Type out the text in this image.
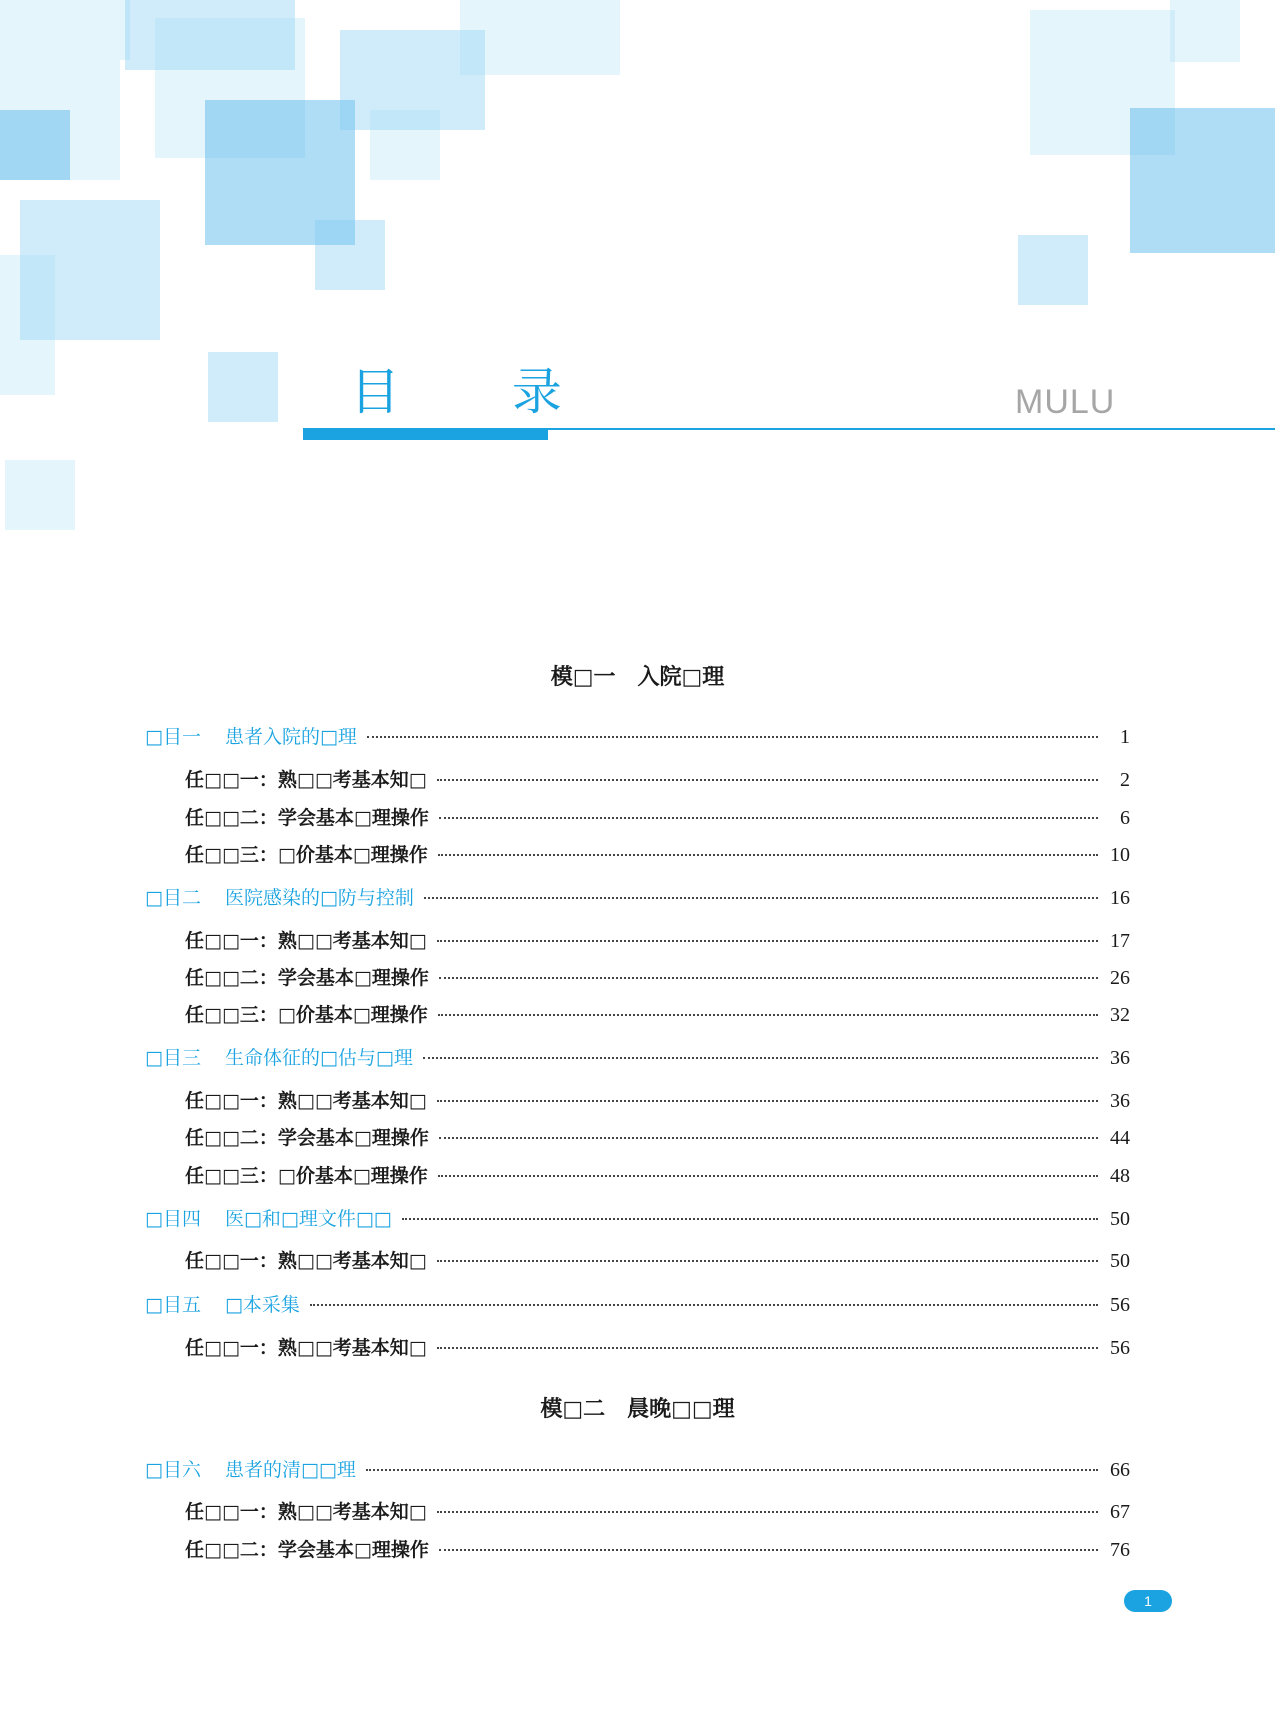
目 录	MULU
模□一　入院□理
□目一 患者入院的□理	1
任□□一：熟□□考基本知□	2
任□□二：学会基本□理操作	6
任□□三：□价基本□理操作	10
□目二 医院感染的□防与控制	16
任□□一：熟□□考基本知□	17
任□□二：学会基本□理操作	26
任□□三：□价基本□理操作	32
□目三 生命体征的□估与□理	36
任□□一：熟□□考基本知□	36
任□□二：学会基本□理操作	44
任□□三：□价基本□理操作	48
□目四 医□和□理文件□□	50
任□□一：熟□□考基本知□	50
□目五 □本采集	56
任□□一：熟□□考基本知□	56
模□二　晨晚□□理
□目六 患者的清□□理	66
任□□一：熟□□考基本知□	67
任□□二：学会基本□理操作	76
1
